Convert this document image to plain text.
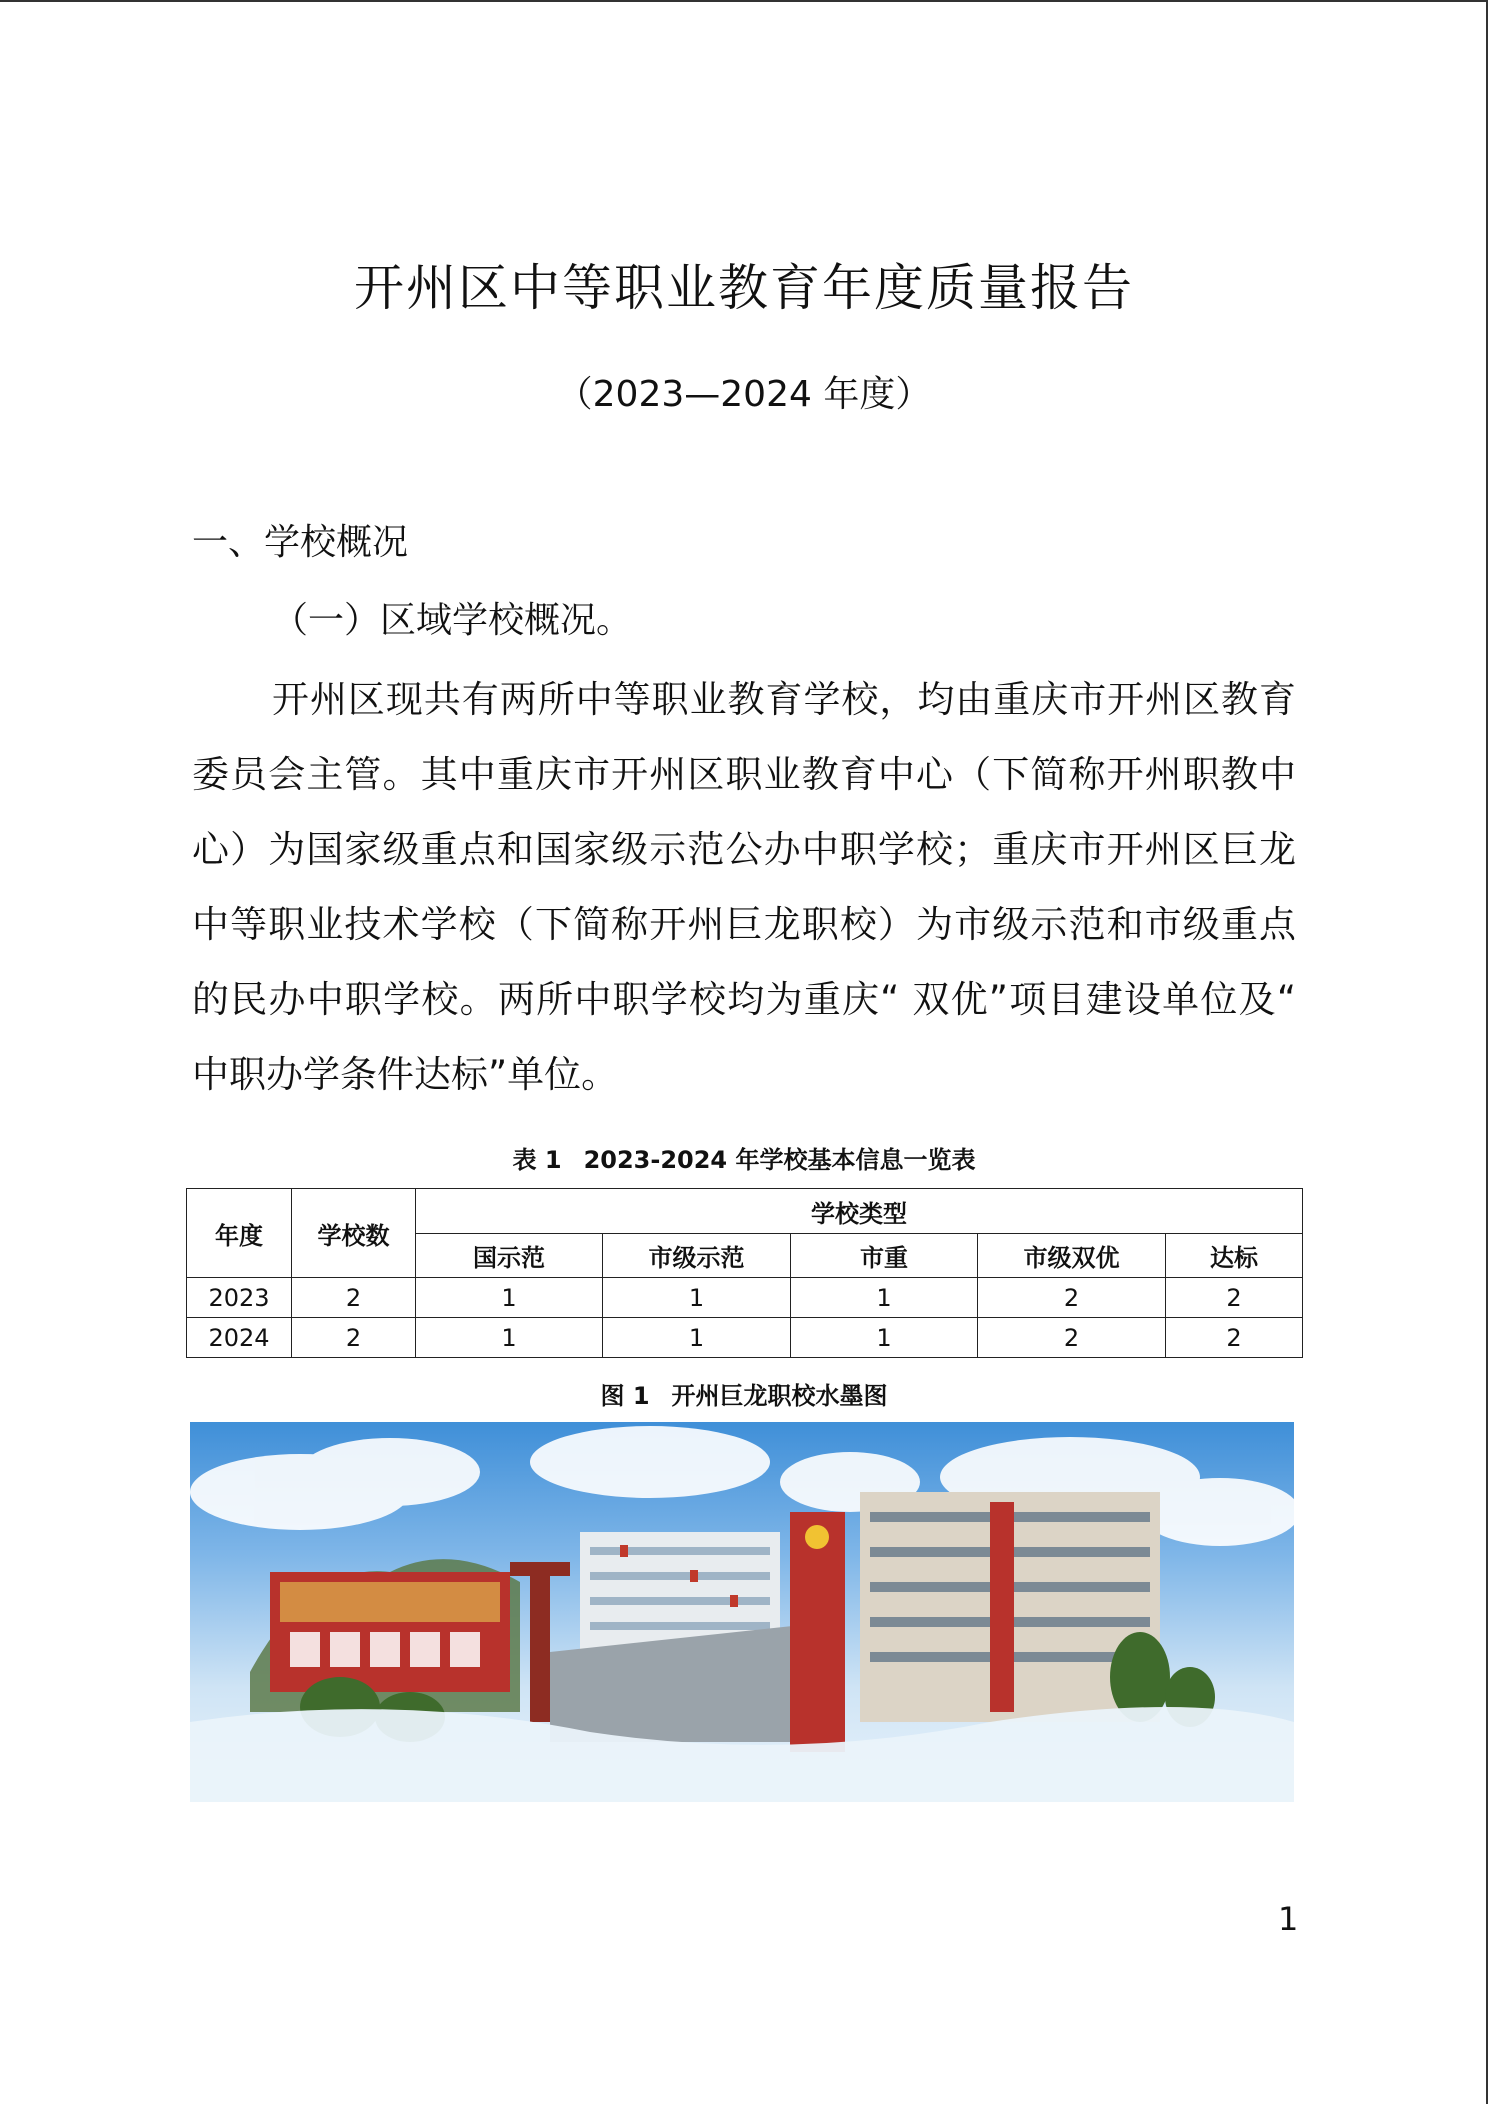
开州区中等职业教育年度质量报告
（2023—2024 年度）
一、学校概况
（一）区域学校概况。

开州区现共有两所中等职业教育学校，均由重庆市开州区教育委员会主管。其中重庆市开州区职业教育中心（下简称开州职教中心）为国家级重点和国家级示范公办中职学校；重庆市开州区巨龙中等职业技术学校（下简称开州巨龙职校）为市级示范和市级重点的民办中职学校。两所中职学校均为重庆“ 双优”项目建设单位及“ 中职办学条件达标”单位。

表 1 2023-2024 年学校基本信息一览表
年度	学校数	学校类型				
		国示范	市级示范	市重	市级双优	达标
2023	2	1	1	1	2	2
2024	2	1	1	1	2	2
图 1 开州巨龙职校水墨图
1
